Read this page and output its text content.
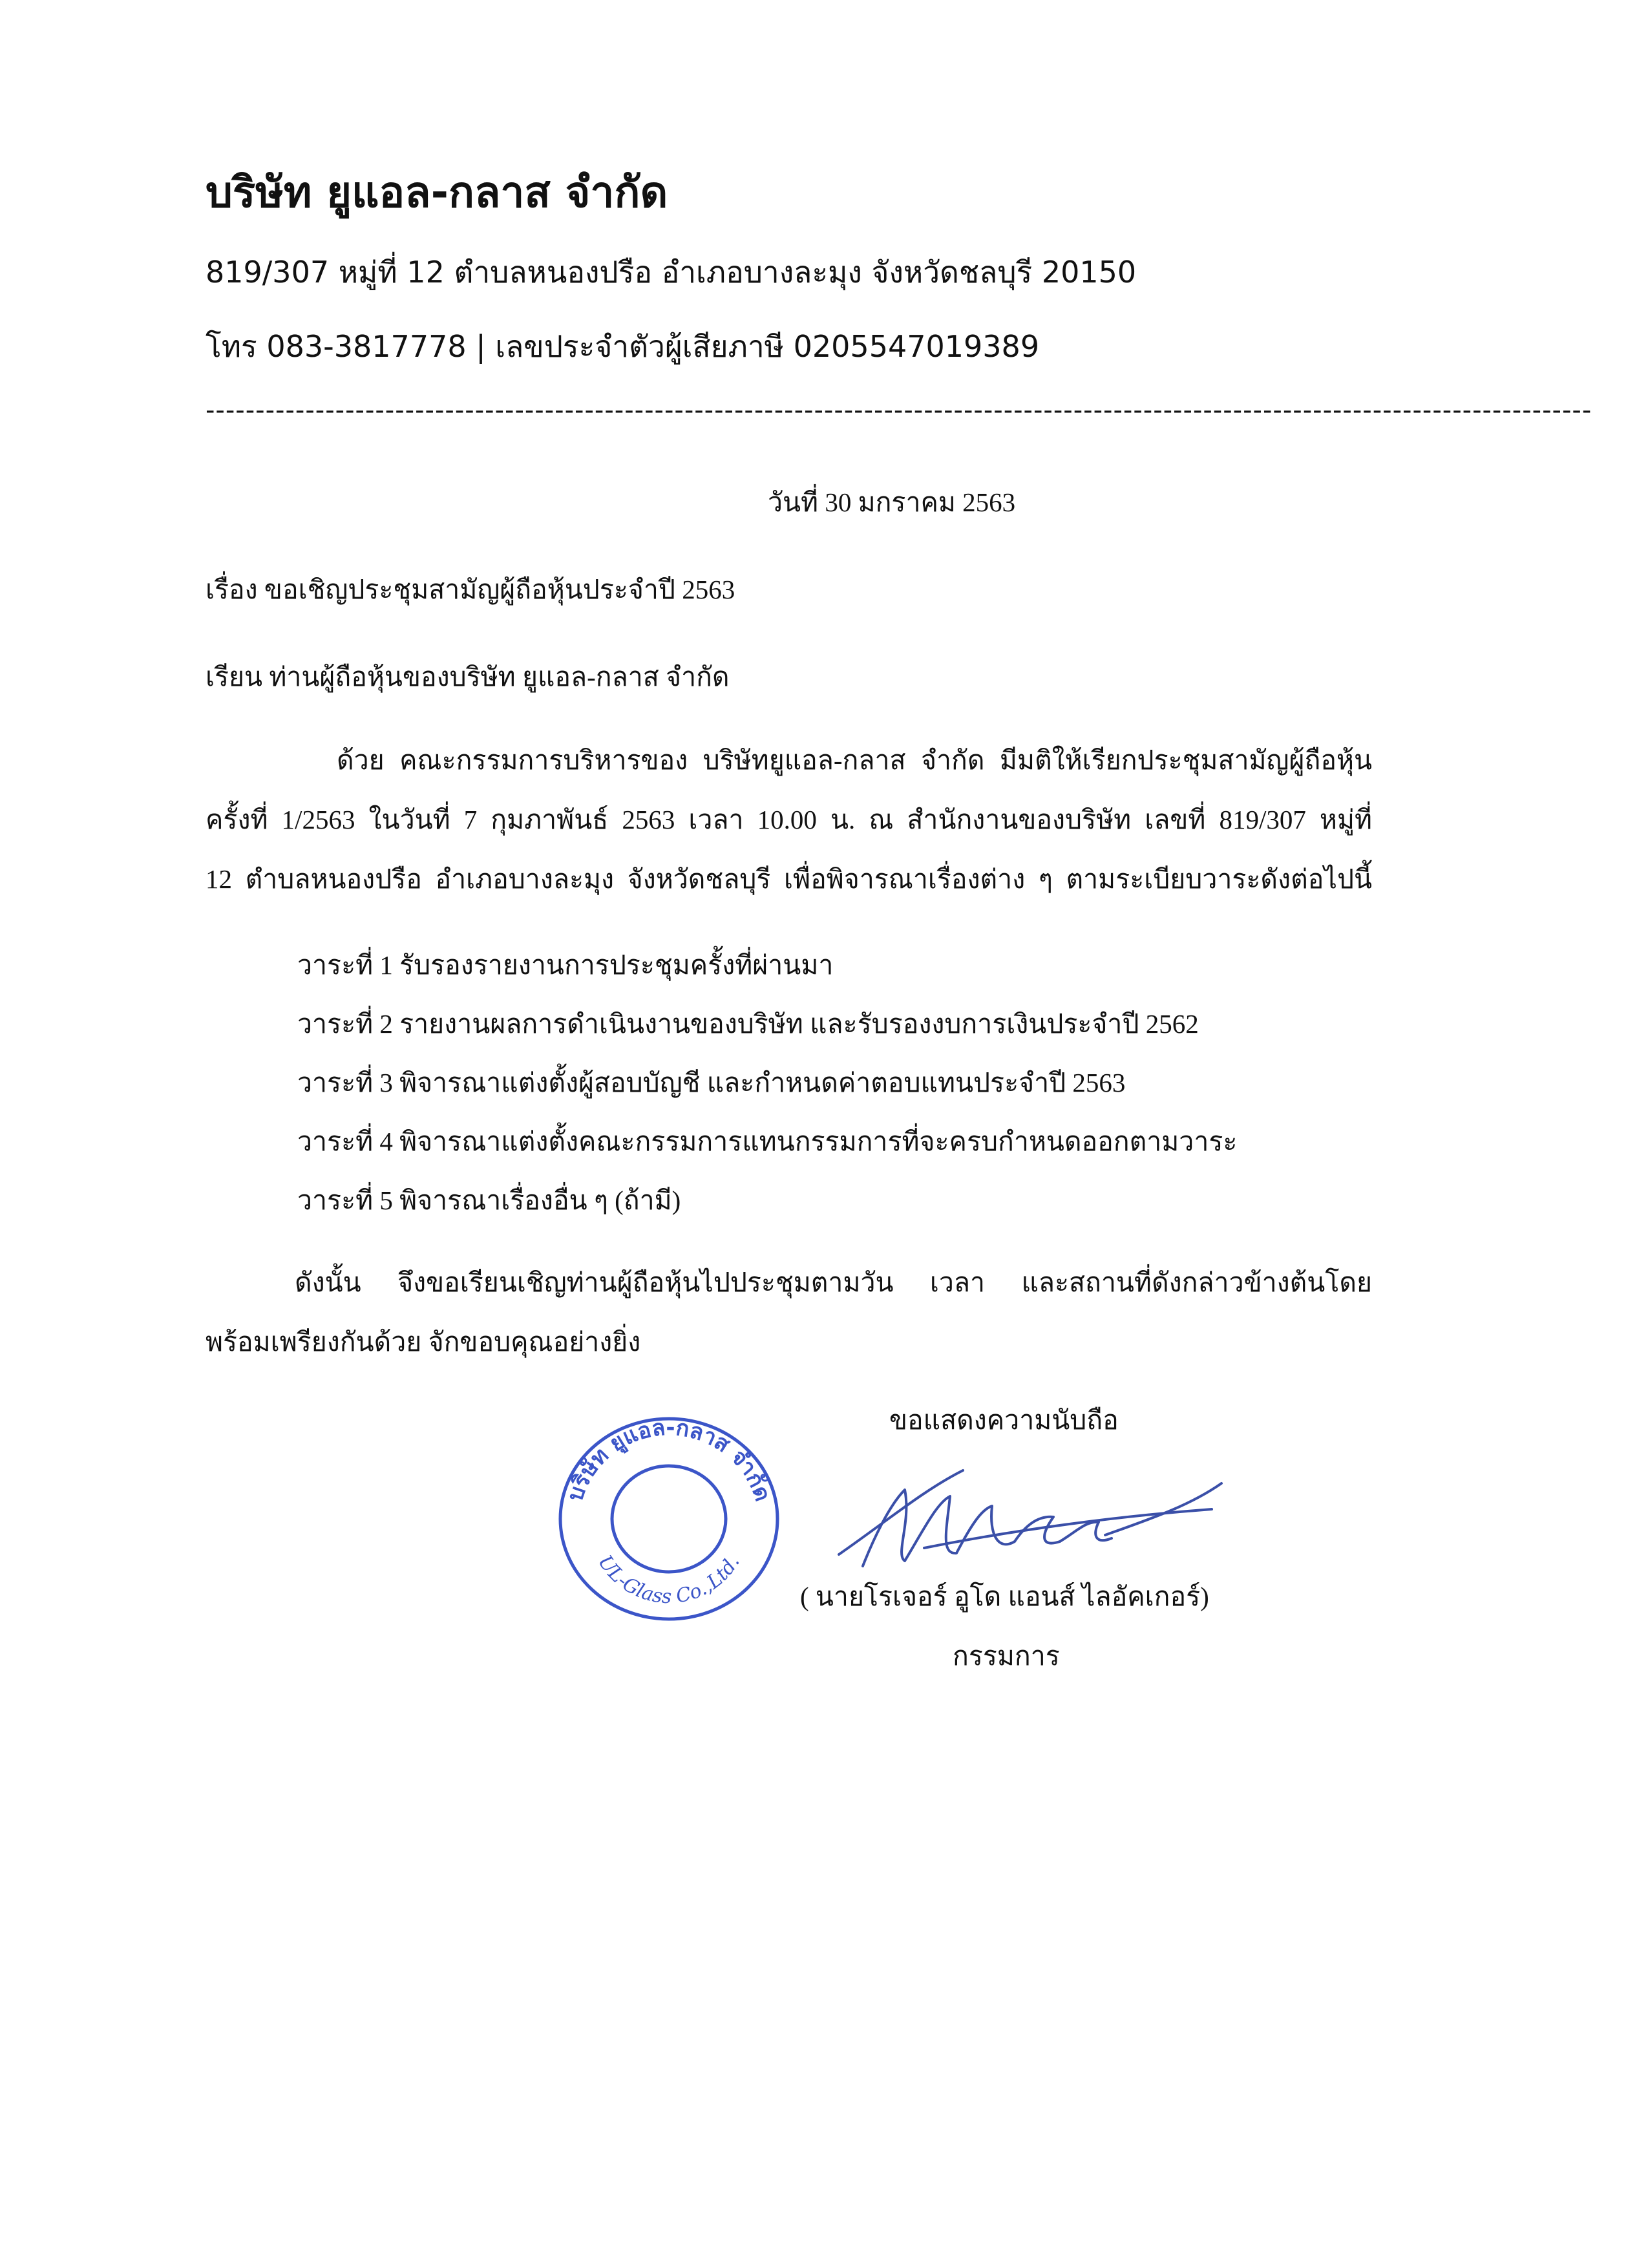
บริษัท ยูแอล-กลาส จำกัด
819/307 หมู่ที่ 12 ตำบลหนองปรือ อำเภอบางละมุง จังหวัดชลบุรี 20150
โทร 083-3817778 | เลขประจำตัวผู้เสียภาษี 0205547019389
-------------------------------------------------------------------------------------------------------------------------------------------
วันที่ 30 มกราคม 2563
เรื่อง ขอเชิญประชุมสามัญผู้ถือหุ้นประจำปี 2563
เรียน ท่านผู้ถือหุ้นของบริษัท ยูแอล-กลาส จำกัด
ด้วย คณะกรรมการบริหารของ บริษัทยูแอล-กลาส จำกัด มีมติให้เรียกประชุมสามัญผู้ถือหุ้น
ครั้งที่ 1/2563 ในวันที่ 7 กุมภาพันธ์ 2563 เวลา 10.00 น. ณ สำนักงานของบริษัท เลขที่ 819/307 หมู่ที่
12 ตำบลหนองปรือ อำเภอบางละมุง จังหวัดชลบุรี เพื่อพิจารณาเรื่องต่าง ๆ ตามระเบียบวาระดังต่อไปนี้
วาระที่ 1 รับรองรายงานการประชุมครั้งที่ผ่านมา
วาระที่ 2 รายงานผลการดำเนินงานของบริษัท และรับรองงบการเงินประจำปี 2562
วาระที่ 3 พิจารณาแต่งตั้งผู้สอบบัญชี และกำหนดค่าตอบแทนประจำปี 2563
วาระที่ 4 พิจารณาแต่งตั้งคณะกรรมการแทนกรรมการที่จะครบกำหนดออกตามวาระ
วาระที่ 5 พิจารณาเรื่องอื่น ๆ (ถ้ามี)
ดังนั้น จึงขอเรียนเชิญท่านผู้ถือหุ้นไปประชุมตามวัน เวลา และสถานที่ดังกล่าวข้างต้นโดย
พร้อมเพรียงกันด้วย จักขอบคุณอย่างยิ่ง
ขอแสดงความนับถือ
บริษัท ยูแอล-กลาส จำกัด
UL-Glass Co.,Ltd.
( นายโรเจอร์ อูโด แอนส์ ไลอัคเกอร์)
กรรมการ
